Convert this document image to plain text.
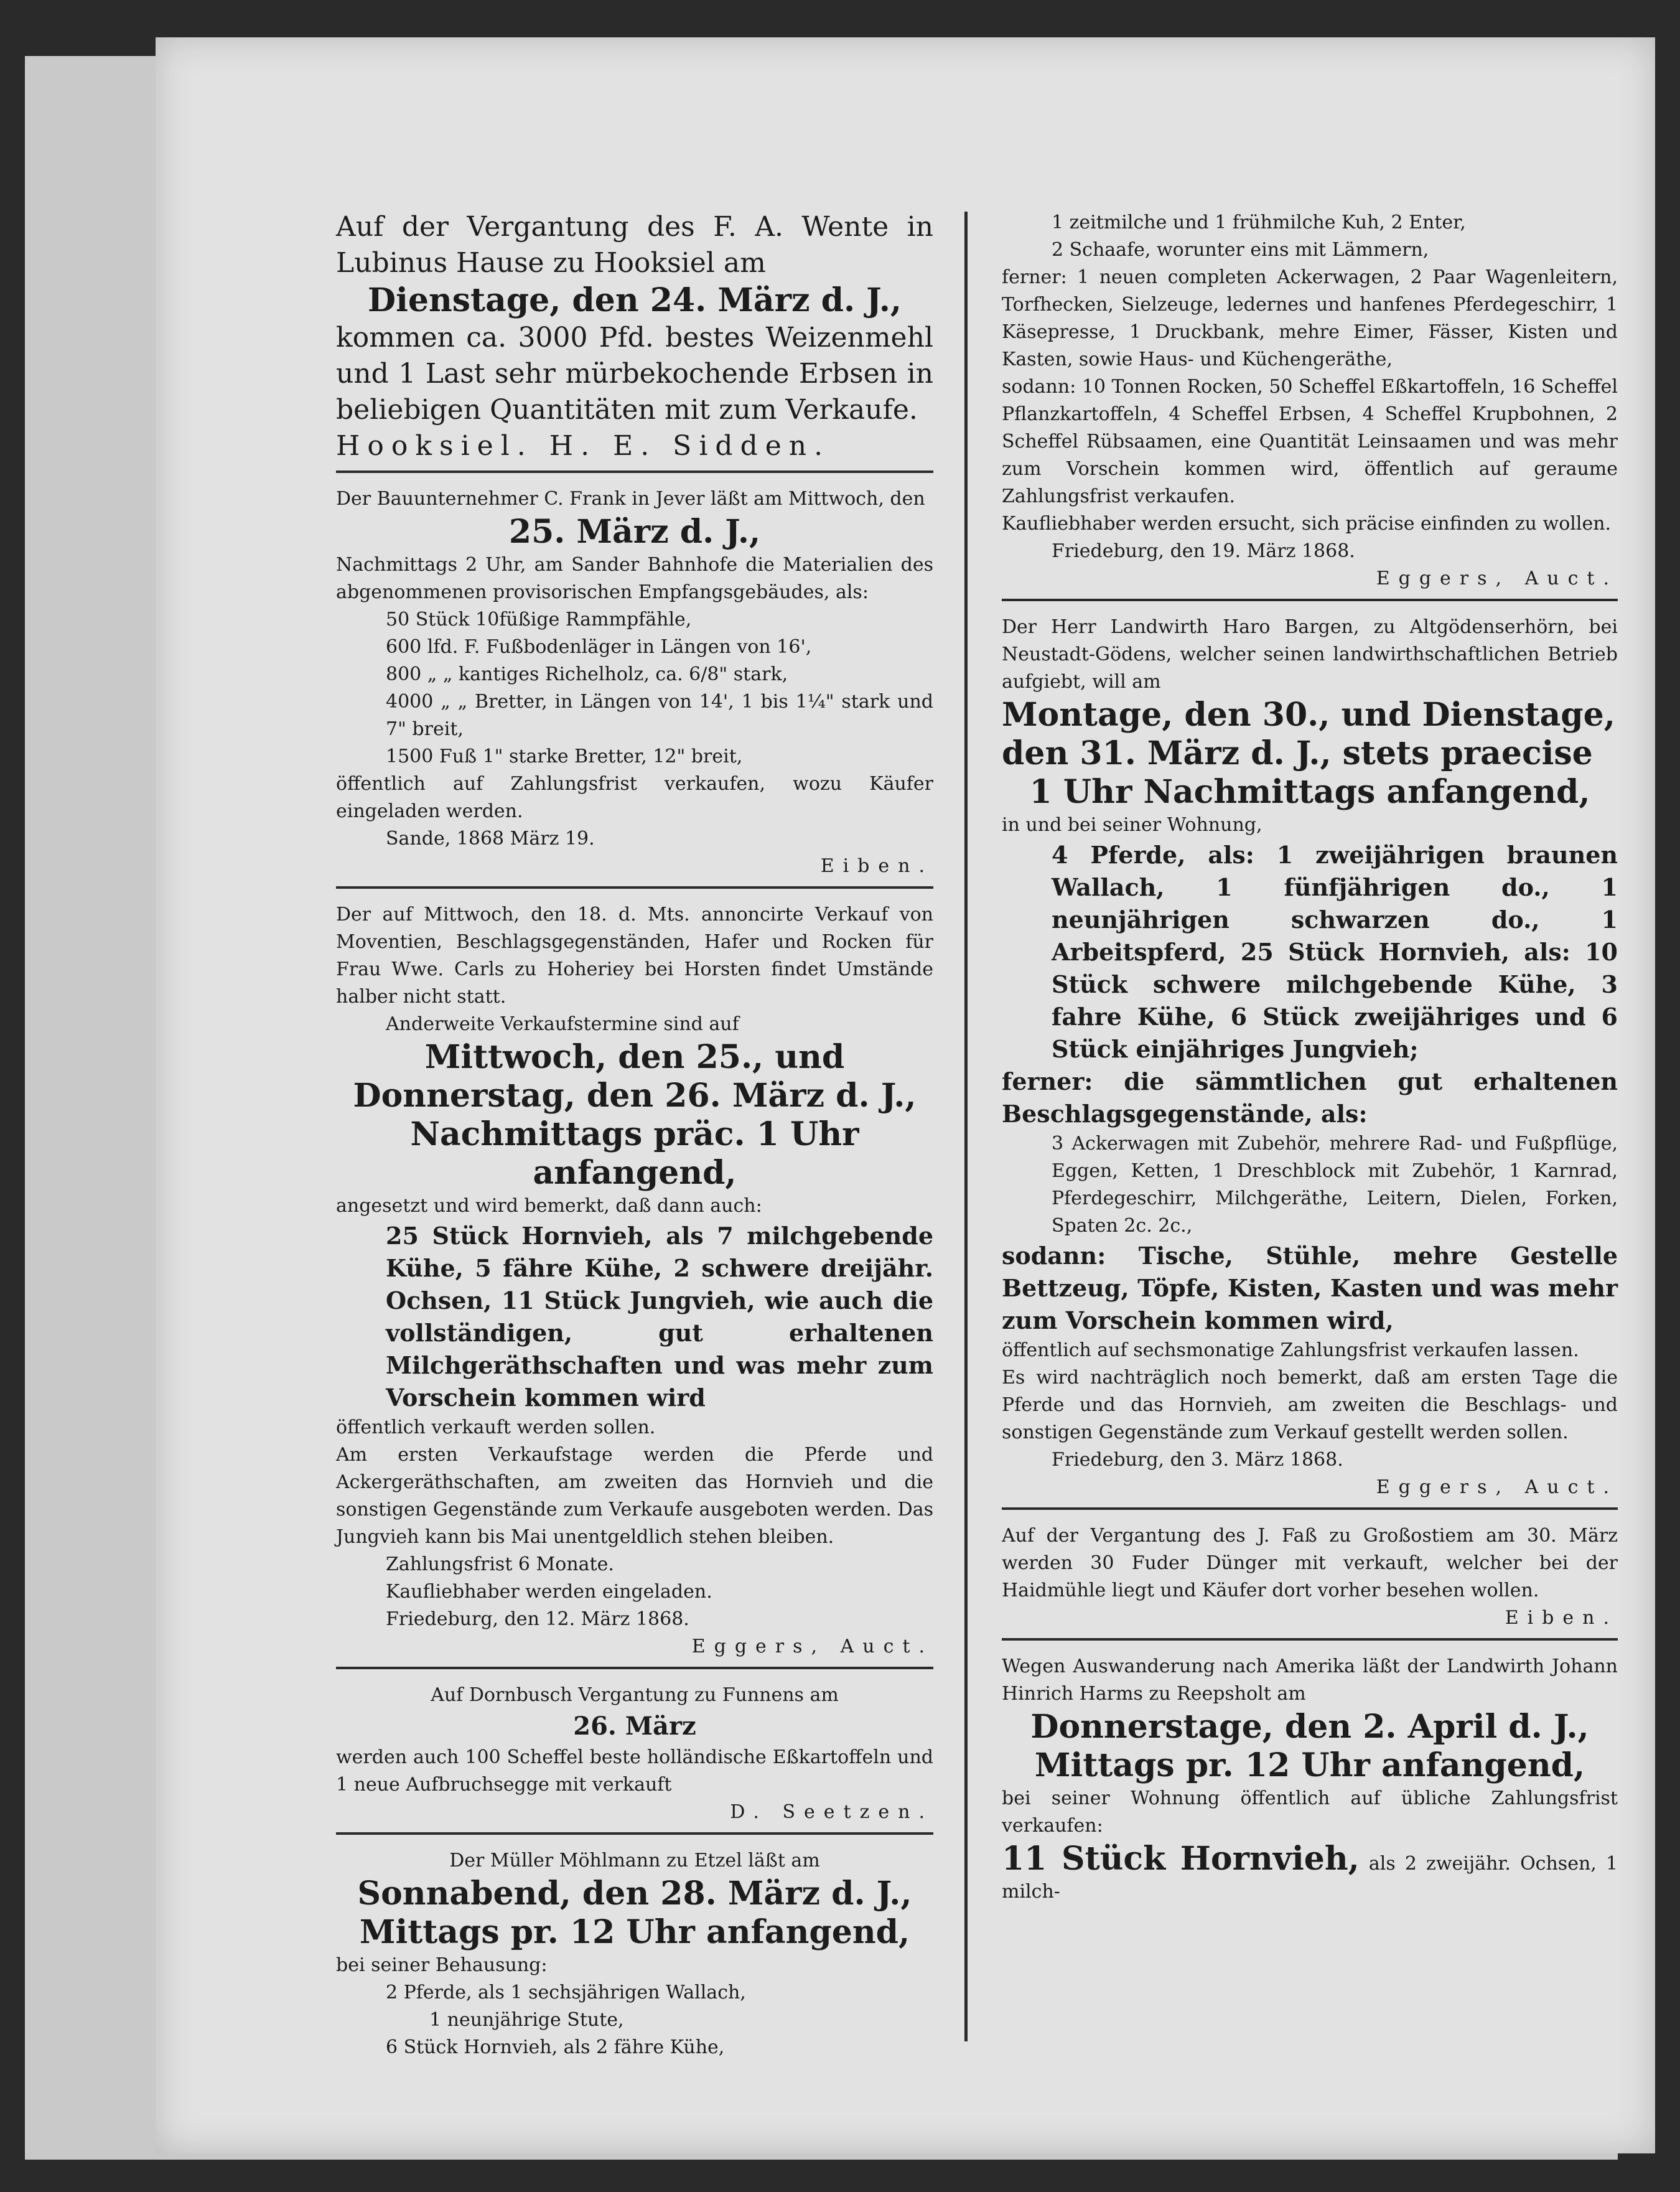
Auf der Vergantung des F. A. Wente in Lubinus Hause zu Hooksiel am

Dienstage, den 24. März d. J.,

kommen ca. 3000 Pfd. bestes Weizenmehl und 1 Last sehr mürbekochende Erbsen in beliebigen Quantitäten mit zum Verkaufe.

Hooksiel. H. E. Sidden.

Der Bauunternehmer C. Frank in Jever läßt am Mittwoch, den

25. März d. J.,

Nachmittags 2 Uhr, am Sander Bahnhofe die Materialien des abgenommenen provisorischen Empfangsgebäudes, als:

50 Stück 10füßige Rammpfähle,

600 lfd. F. Fußbodenläger in Längen von 16',

800 „ „ kantiges Richelholz, ca. 6/8" stark,

4000 „ „ Bretter, in Längen von 14', 1 bis 1¼" stark und 7" breit,

1500 Fuß 1" starke Bretter, 12" breit,

öffentlich auf Zahlungsfrist verkaufen, wozu Käufer eingeladen werden.

Sande, 1868 März 19.

Eiben.

Der auf Mittwoch, den 18. d. Mts. annoncirte Verkauf von Moventien, Beschlagsgegenständen, Hafer und Rocken für Frau Wwe. Carls zu Hoheriey bei Horsten findet Umstände halber nicht statt.

Anderweite Verkaufstermine sind auf

Mittwoch, den 25., und

Donnerstag, den 26. März d. J.,

Nachmittags präc. 1 Uhr anfangend,

angesetzt und wird bemerkt, daß dann auch:

25 Stück Hornvieh, als 7 milchgebende Kühe, 5 fähre Kühe, 2 schwere dreijähr. Ochsen, 11 Stück Jungvieh, wie auch die vollständigen, gut erhaltenen Milchgeräthschaften und was mehr zum Vorschein kommen wird

öffentlich verkauft werden sollen.

Am ersten Verkaufstage werden die Pferde und Ackergeräthschaften, am zweiten das Hornvieh und die sonstigen Gegenstände zum Verkaufe ausgeboten werden. Das Jungvieh kann bis Mai unentgeldlich stehen bleiben.

Zahlungsfrist 6 Monate.

Kaufliebhaber werden eingeladen.

Friedeburg, den 12. März 1868.

Eggers, Auct.

Auf Dornbusch Vergantung zu Funnens am

26. März

werden auch 100 Scheffel beste holländische Eßkartoffeln und 1 neue Aufbruchsegge mit verkauft

D. Seetzen.

Der Müller Möhlmann zu Etzel läßt am

Sonnabend, den 28. März d. J.,

Mittags pr. 12 Uhr anfangend,

bei seiner Behausung:

2 Pferde, als 1 sechsjährigen Wallach,

1 neunjährige Stute,

6 Stück Hornvieh, als 2 fähre Kühe,

1 zeitmilche und 1 frühmilche Kuh, 2 Enter,

2 Schaafe, worunter eins mit Lämmern,

ferner: 1 neuen completen Ackerwagen, 2 Paar Wagenleitern, Torfhecken, Sielzeuge, ledernes und hanfenes Pferdegeschirr, 1 Käsepresse, 1 Druckbank, mehre Eimer, Fässer, Kisten und Kasten, sowie Haus- und Küchengeräthe,

sodann: 10 Tonnen Rocken, 50 Scheffel Eßkartoffeln, 16 Scheffel Pflanzkartoffeln, 4 Scheffel Erbsen, 4 Scheffel Krupbohnen, 2 Scheffel Rübsaamen, eine Quantität Leinsaamen und was mehr zum Vorschein kommen wird, öffentlich auf geraume Zahlungsfrist verkaufen.

Kaufliebhaber werden ersucht, sich präcise einfinden zu wollen.

Friedeburg, den 19. März 1868.

Eggers, Auct.

Der Herr Landwirth Haro Bargen, zu Altgödenserhörn, bei Neustadt-Gödens, welcher seinen landwirthschaftlichen Betrieb aufgiebt, will am

Montage, den 30., und Dienstage,

den 31. März d. J., stets praecise

1 Uhr Nachmittags anfangend,

in und bei seiner Wohnung,

4 Pferde, als: 1 zweijährigen braunen Wallach, 1 fünfjährigen do., 1 neunjährigen schwarzen do., 1 Arbeitspferd, 25 Stück Hornvieh, als: 10 Stück schwere milchgebende Kühe, 3 fahre Kühe, 6 Stück zweijähriges und 6 Stück einjähriges Jungvieh;

ferner: die sämmtlichen gut erhaltenen Beschlagsgegenstände, als:

3 Ackerwagen mit Zubehör, mehrere Rad- und Fußpflüge, Eggen, Ketten, 1 Dreschblock mit Zubehör, 1 Karnrad, Pferdegeschirr, Milchgeräthe, Leitern, Dielen, Forken, Spaten 2c. 2c.,

sodann: Tische, Stühle, mehre Gestelle Bettzeug, Töpfe, Kisten, Kasten und was mehr zum Vorschein kommen wird,

öffentlich auf sechsmonatige Zahlungsfrist verkaufen lassen.

Es wird nachträglich noch bemerkt, daß am ersten Tage die Pferde und das Hornvieh, am zweiten die Beschlags- und sonstigen Gegenstände zum Verkauf gestellt werden sollen.

Friedeburg, den 3. März 1868.

Eggers, Auct.

Auf der Vergantung des J. Faß zu Großostiem am 30. März werden 30 Fuder Dünger mit verkauft, welcher bei der Haidmühle liegt und Käufer dort vorher besehen wollen.

Eiben.

Wegen Auswanderung nach Amerika läßt der Landwirth Johann Hinrich Harms zu Reepsholt am

Donnerstage, den 2. April d. J.,

Mittags pr. 12 Uhr anfangend,

bei seiner Wohnung öffentlich auf übliche Zahlungsfrist verkaufen:

11 Stück Hornvieh, als 2 zweijähr. Ochsen, 1 milch-
